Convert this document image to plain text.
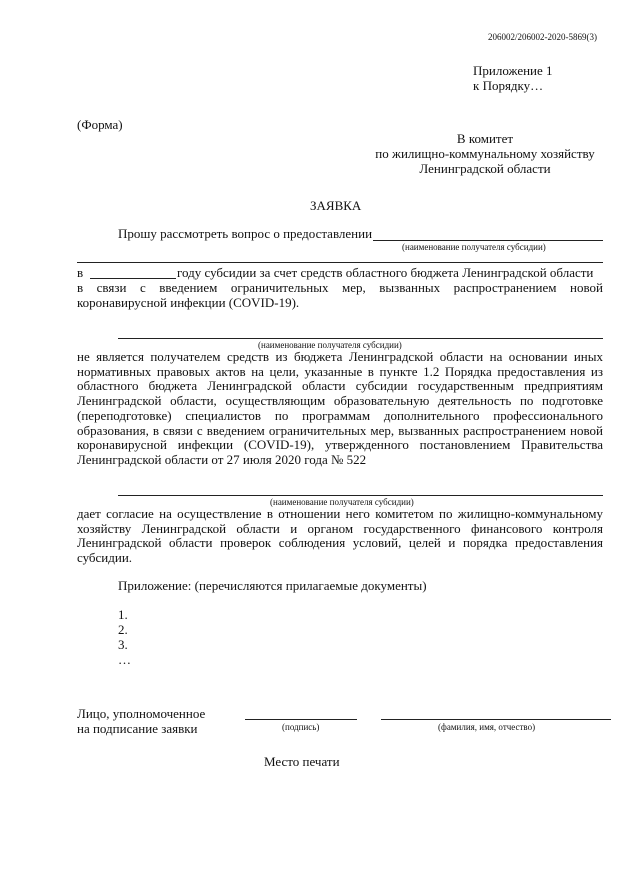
206002/206002-2020-5869(3)
Приложение 1
к Порядку…
(Форма)
В комитет
по жилищно-коммунальному хозяйству
Ленинградской области
ЗАЯВКА
Прошу рассмотреть вопрос о предоставлении
(наименование получателя субсидии)
в	году субсидии за счет средств областного бюджета Ленинградской области
в связи с введением ограничительных мер, вызванных распространением новой
коронавирусной инфекции (COVID-19).
(наименование получателя субсидии)
не является получателем средств из бюджета Ленинградской области на основании иных нормативных правовых актов на цели, указанные в пункте 1.2 Порядка предоставления из областного бюджета Ленинградской области субсидии государственным предприятиям Ленинградской области, осуществляющим образовательную деятельность по подготовке (переподготовке) специалистов по программам дополнительного профессионального образования, в связи с введением ограничительных мер, вызванных распространением новой коронавирусной инфекции (COVID-19), утвержденного постановлением Правительства Ленинградской области от 27 июля 2020 года № 522
(наименование получателя субсидии)
дает согласие на осуществление в отношении него комитетом по жилищно-коммунальному хозяйству Ленинградской области и органом государственного финансового контроля Ленинградской области проверок соблюдения условий, целей и порядка предоставления субсидии.
Приложение: (перечисляются прилагаемые документы)
1.
2.
3.
…
Лицо, уполномоченное
на подписание заявки	(подпись)	(фамилия, имя, отчество)
Место печати
